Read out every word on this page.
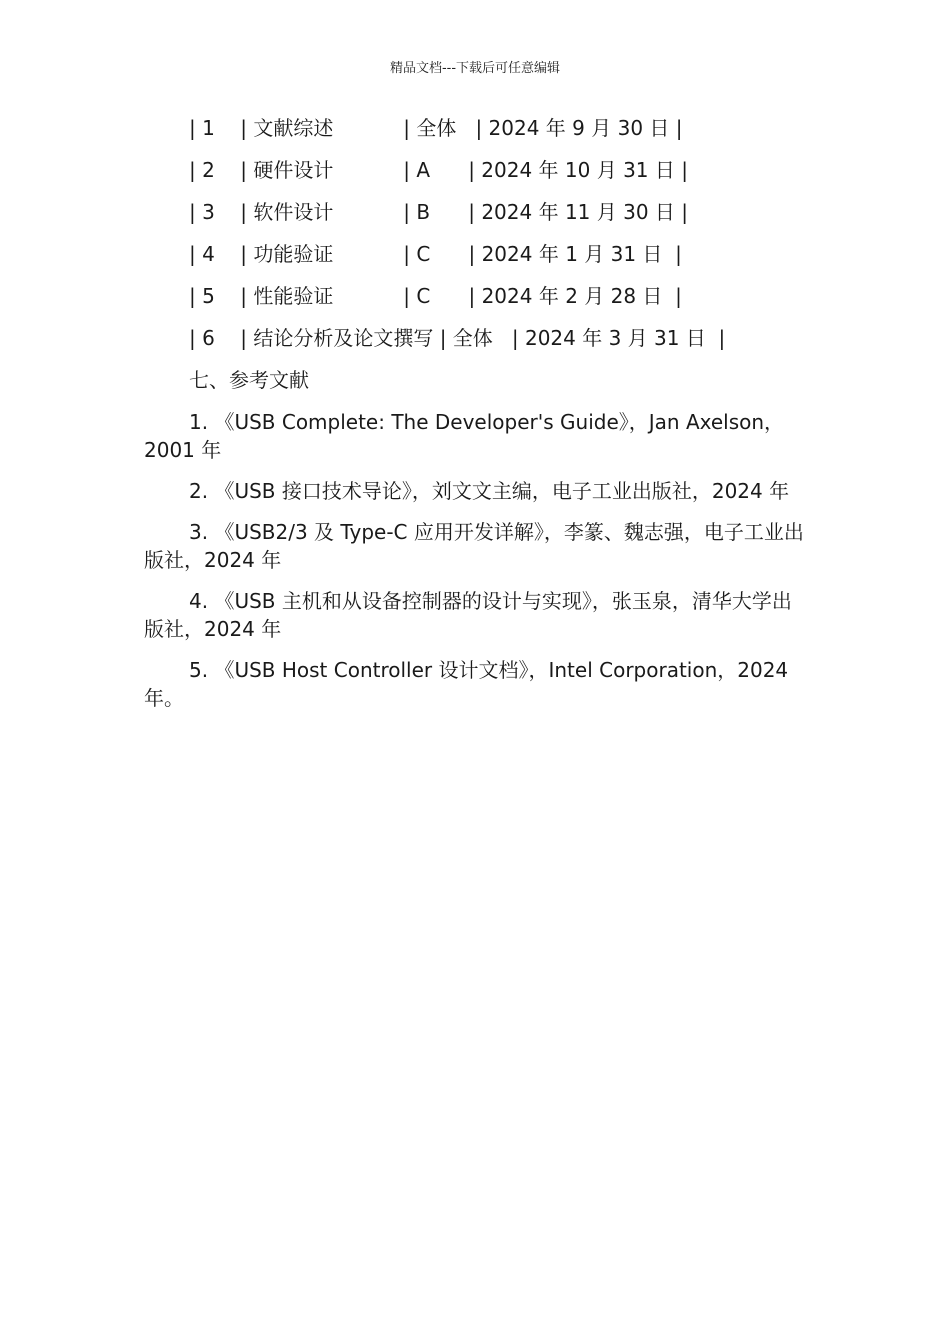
精品文档---下载后可任意编辑
| 1    | 文献综述           | 全体   | 2024 年 9 月 30 日 |
| 2    | 硬件设计           | A      | 2024 年 10 月 31 日 |
| 3    | 软件设计           | B      | 2024 年 11 月 30 日 |
| 4    | 功能验证           | C      | 2024 年 1 月 31 日  |
| 5    | 性能验证           | C      | 2024 年 2 月 28 日  |
| 6    | 结论分析及论文撰写 | 全体   | 2024 年 3 月 31 日  |
七、参考文献
1. 《USB Complete: The Developer's Guide》，Jan Axelson，2001 年
2. 《USB 接口技术导论》，刘文文主编，电子工业出版社，2024 年
3. 《USB2/3 及 Type-C 应用开发详解》，李篆、魏志强，电子工业出版社，2024 年
4. 《USB 主机和从设备控制器的设计与实现》，张玉泉，清华大学出版社，2024 年
5. 《USB Host Controller 设计文档》，Intel Corporation，2024 年。
